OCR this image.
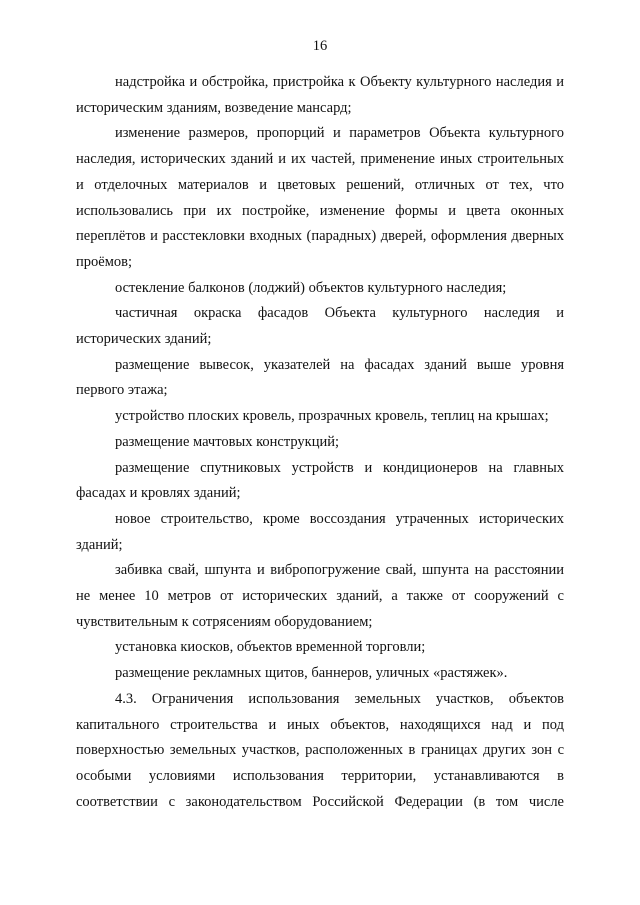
16

надстройка и обстройка, пристройка к Объекту культурного наследия и историческим зданиям, возведение мансард;

изменение размеров, пропорций и параметров Объекта культурного наследия, исторических зданий и их частей, применение иных строительных и отделочных материалов и цветовых решений, отличных от тех, что использовались при их постройке, изменение формы и цвета оконных переплётов и расстекловки входных (парадных) дверей, оформления дверных проёмов;

остекление балконов (лоджий) объектов культурного наследия;

частичная окраска фасадов Объекта культурного наследия и исторических зданий;

размещение вывесок, указателей на фасадах зданий выше уровня первого этажа;

устройство плоских кровель, прозрачных кровель, теплиц на крышах;

размещение мачтовых конструкций;

размещение спутниковых устройств и кондиционеров на главных фасадах и кровлях зданий;

новое строительство, кроме воссоздания утраченных исторических зданий;

забивка свай, шпунта и вибропогружение свай, шпунта на расстоянии не менее 10 метров от исторических зданий, а также от сооружений с чувствительным к сотрясениям оборудованием;

установка киосков, объектов временной торговли;

размещение рекламных щитов, баннеров, уличных «растяжек».

4.3. Ограничения использования земельных участков, объектов капитального строительства и иных объектов, находящихся над и под поверхностью земельных участков, расположенных в границах других зон с особыми условиями использования территории, устанавливаются в соответствии с законодательством Российской Федерации (в том числе
